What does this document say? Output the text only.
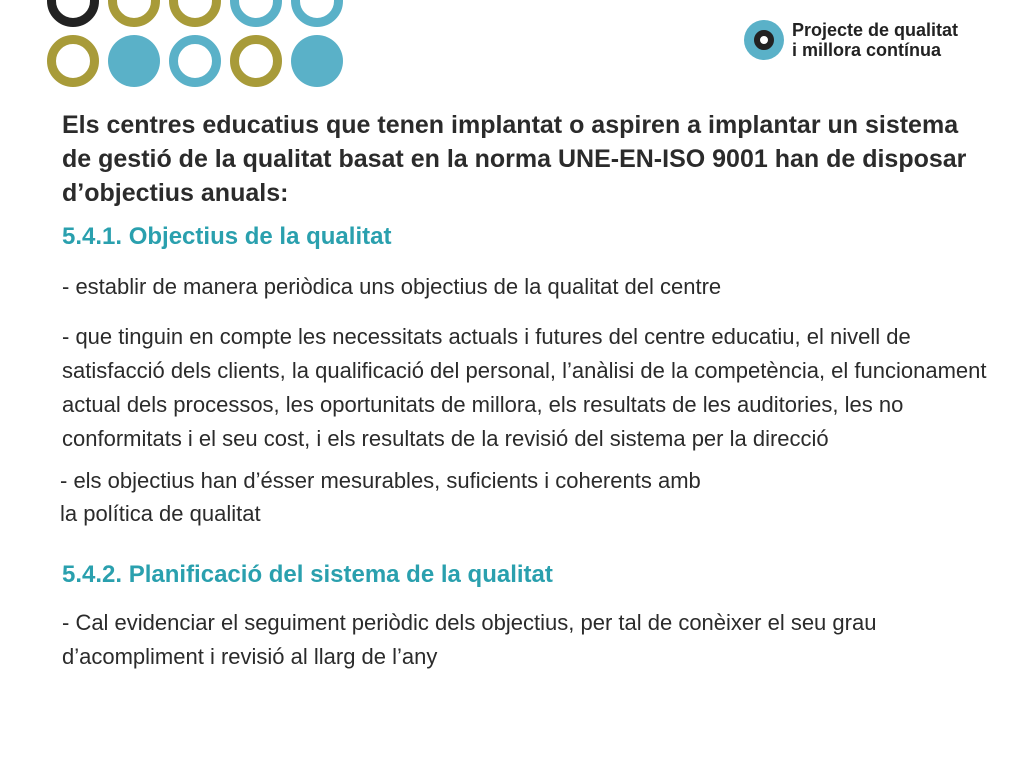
Projecte de qualitat
i millora contínua

Els centres educatius que tenen implantat o aspiren a implantar un sistema de gestió de la qualitat basat en la norma UNE-EN-ISO 9001 han de disposar d’objectius anuals:

5.4.1. Objectius de la qualitat

- establir de manera periòdica uns objectius de la qualitat del centre

- que tinguin en compte les necessitats actuals i futures del centre educatiu, el nivell de satisfacció dels clients, la qualificació del personal, l’anàlisi de la competència, el funcionament actual dels processos, les oportunitats de millora, els resultats de les auditories, les no conformitats i el seu cost, i els resultats de la revisió del sistema per la direcció

- els objectius han d’ésser mesurables, suficients i coherents amb
la política de qualitat

5.4.2. Planificació del sistema de la qualitat

- Cal evidenciar el seguiment periòdic dels objectius, per tal de conèixer el seu grau d’acompliment i revisió al llarg de l’any
